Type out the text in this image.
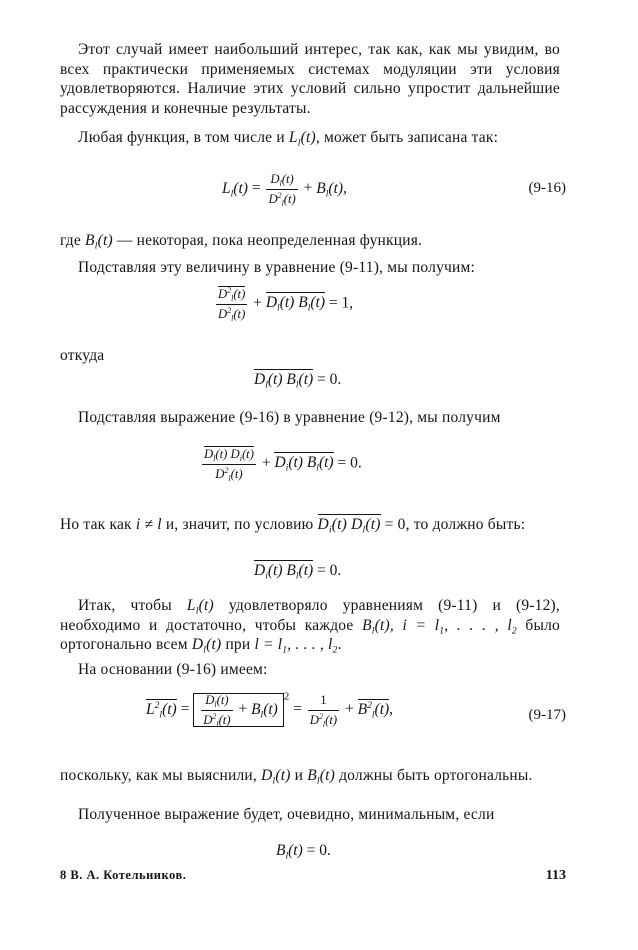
Этот случай имеет наибольший интерес, так как, как мы увидим, во всех практически применяемых системах модуляции эти условия удовлетворяются. Наличие этих условий сильно упростит дальнейшие рассуждения и конечные результаты.
Любая функция, в том числе и $L_l(t)$, может быть записана так:
$L_l(t) = \frac{D_l(t)}{D^2_l(t)} + B_l(t)$,	(9-16)
где $B_l(t)$ — некоторая, пока неопределенная функция.
Подставляя эту величину в уравнение (9-11), мы получим:
$\frac{D^2_l(t)}{D^2_l(t)} + D_l(t) B_l(t) = 1$,
откуда
$D_l(t) B_l(t) = 0$.
Подставляя выражение (9-16) в уравнение (9-12), мы получим
$\frac{D_l(t) D_i(t)}{D^2_l(t)} + D_i(t) B_l(t) = 0$.
Но так как i ≠ l и, значит, по условию $D_i(t) D_l(t) = 0$, то должно быть:
$D_i(t) B_l(t) = 0$.
Итак, чтобы $L_l(t)$ удовлетворяло уравнениям (9-11) и (9-12), необходимо и достаточно, чтобы каждое $B_l(t)$, $i = l_1$, . . . , $l_2$ было ортогонально всем $D_l(t)$ при $l = l_1$, . . . , $l_2$.
На основании (9-16) имеем:
$L^2_l(t) = \frac{D_l(t)}{D^2_l(t)} + B_l(t)^2 = \frac{1}{D^2_l(t)} + B^2_l(t)$,	(9-17)
поскольку, как мы выяснили, $D_l(t)$ и $B_l(t)$ должны быть ортогональны.
Полученное выражение будет, очевидно, минимальным, если
$B_l(t) = 0$.
8 В. А. Котельников.	113
